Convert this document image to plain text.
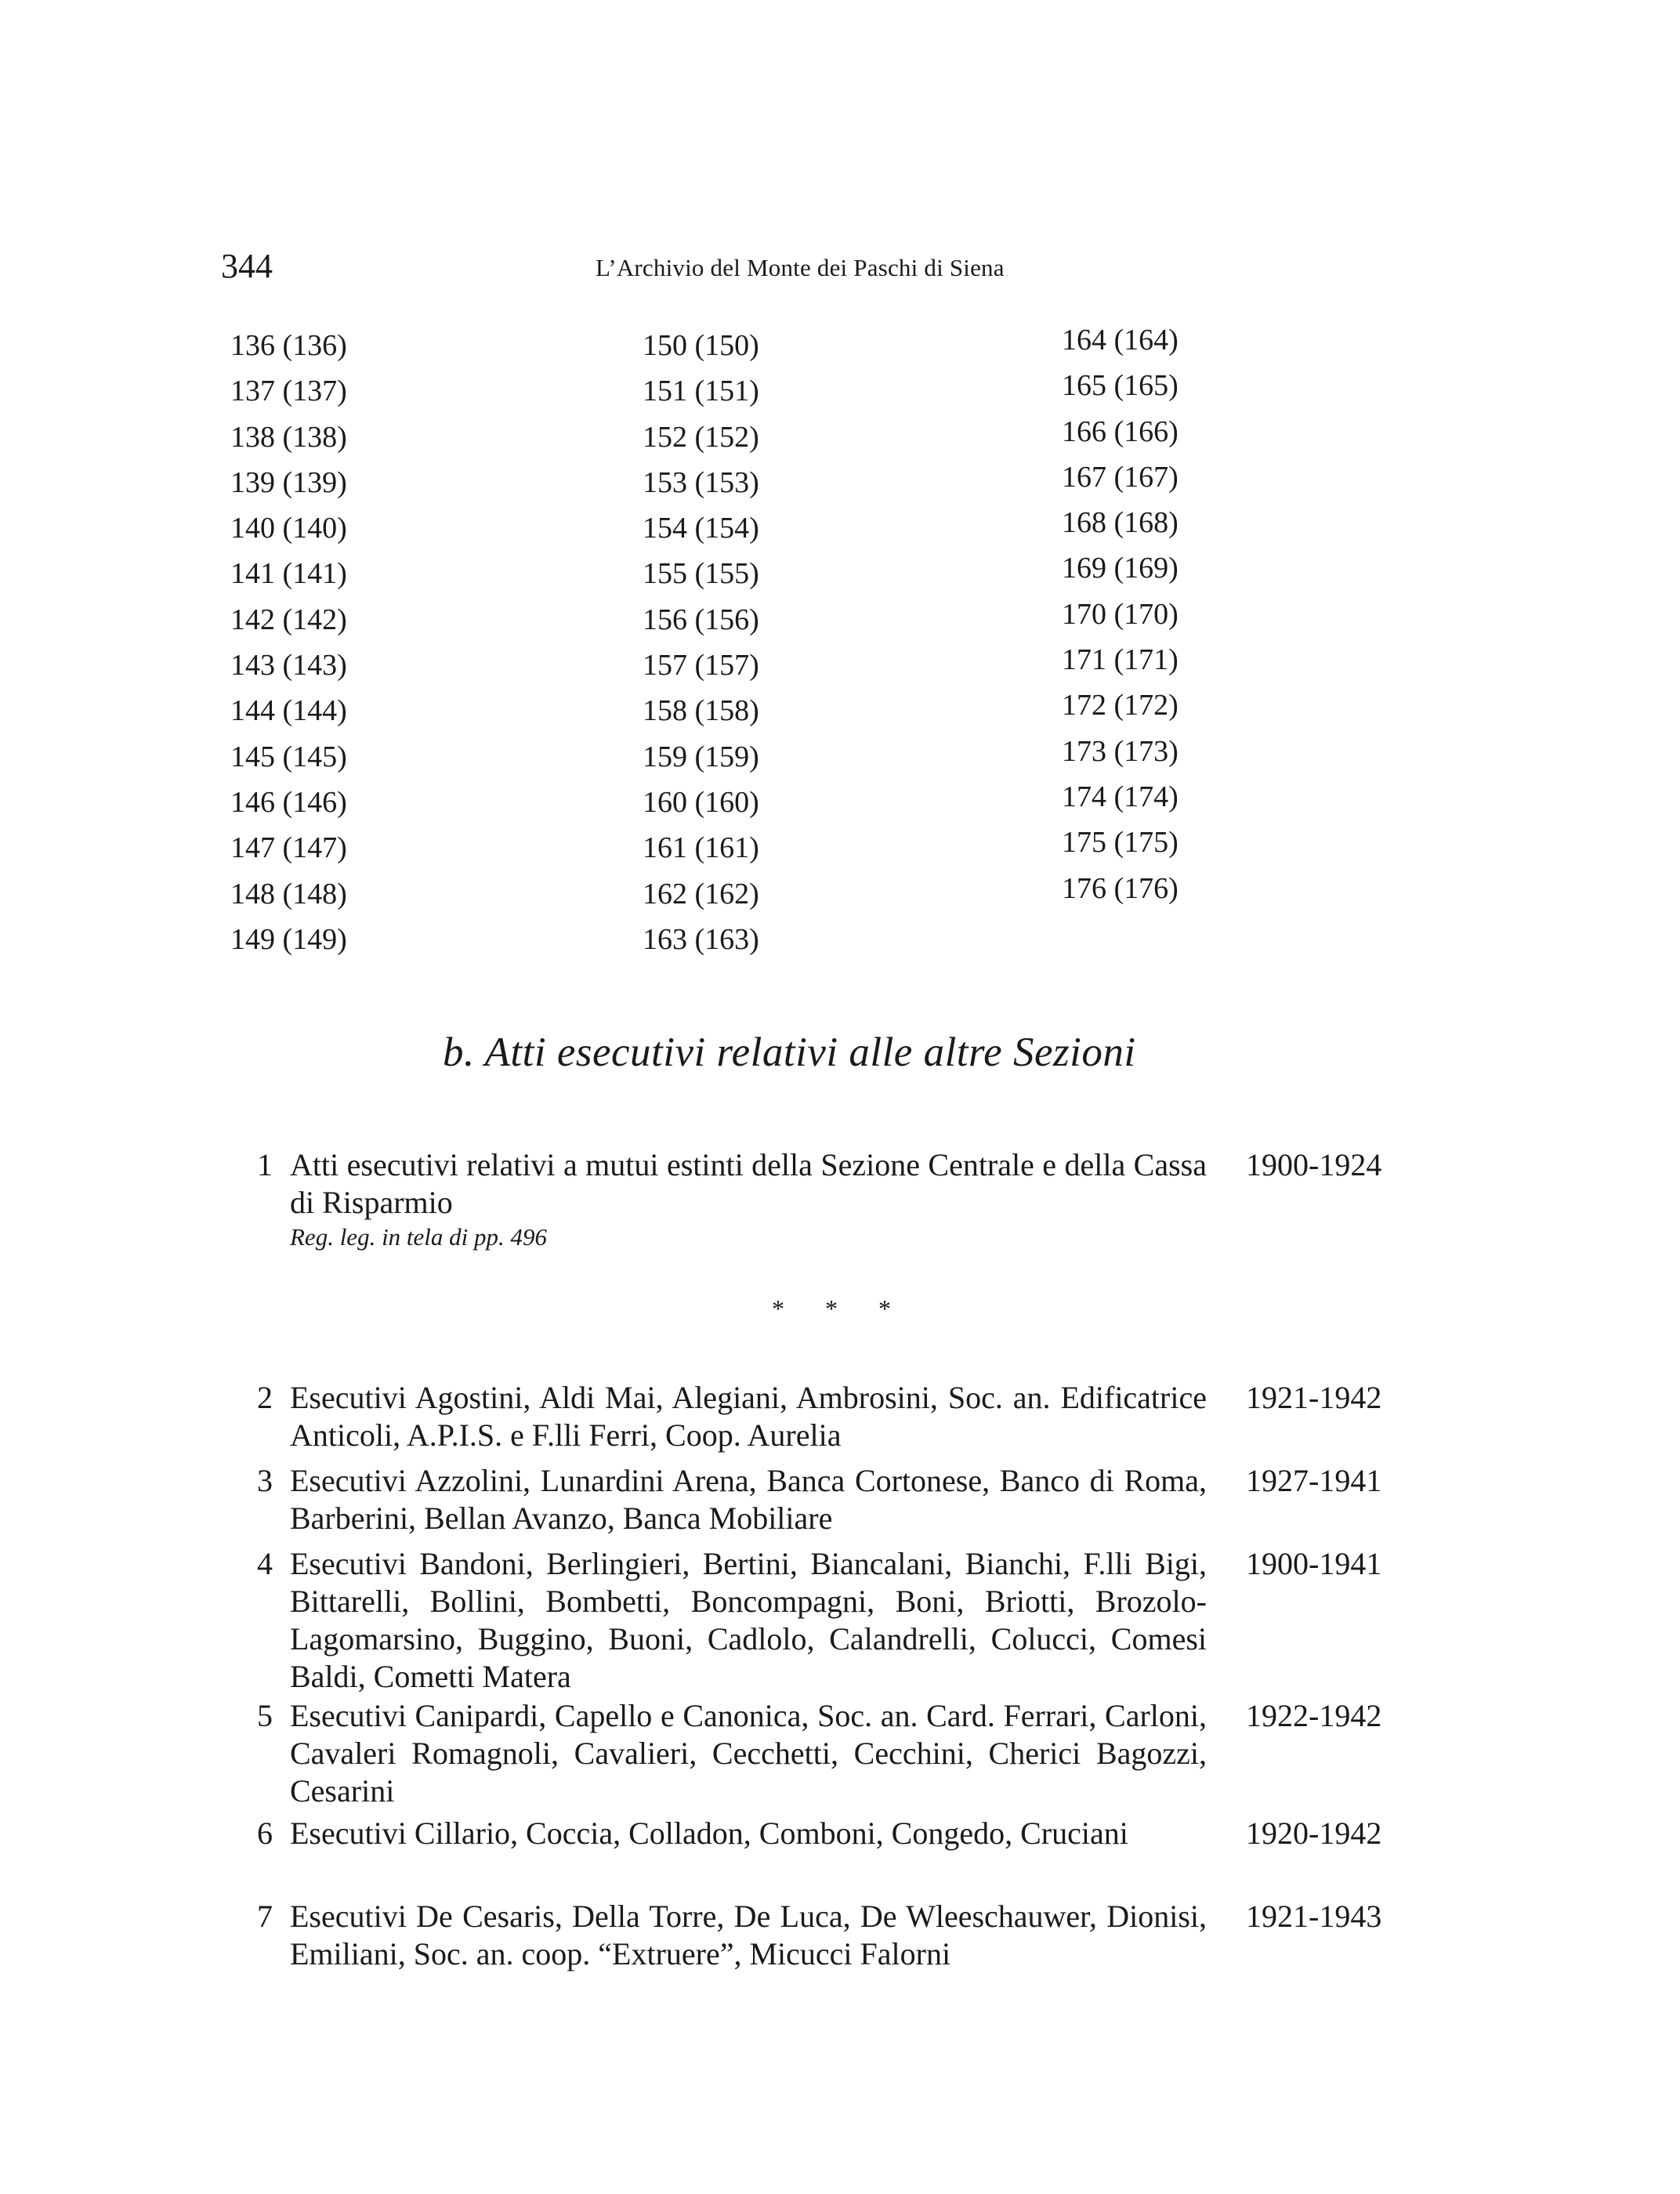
344	L’Archivio del Monte dei Paschi di Siena
136 (136)
137 (137)
138 (138)
139 (139)
140 (140)
141 (141)
142 (142)
143 (143)
144 (144)
145 (145)
146 (146)
147 (147)
148 (148)
149 (149)
150 (150)
151 (151)
152 (152)
153 (153)
154 (154)
155 (155)
156 (156)
157 (157)
158 (158)
159 (159)
160 (160)
161 (161)
162 (162)
163 (163)
164 (164)
165 (165)
166 (166)
167 (167)
168 (168)
169 (169)
170 (170)
171 (171)
172 (172)
173 (173)
174 (174)
175 (175)
176 (176)
b. Atti esecutivi relativi alle altre Sezioni
1 Atti esecutivi relativi a mutui estinti della Sezione Centrale e della Cassa di Risparmio
Reg. leg. in tela di pp. 496
1900-1924
* * *
2 Esecutivi Agostini, Aldi Mai, Alegiani, Ambrosini, Soc. an. Edificatrice Anticoli, A.P.I.S. e F.lli Ferri, Coop. Aurelia
1921-1942
3 Esecutivi Azzolini, Lunardini Arena, Banca Cortonese, Banco di Roma, Barberini, Bellan Avanzo, Banca Mobiliare
1927-1941
4 Esecutivi Bandoni, Berlingieri, Bertini, Biancalani, Bianchi, F.lli Bigi, Bittarelli, Bollini, Bombetti, Boncompagni, Boni, Briotti, Brozolo-Lagomarsino, Buggino, Buoni, Cadlolo, Calandrelli, Colucci, Comesi Baldi, Cometti Matera
1900-1941
5 Esecutivi Canipardi, Capello e Canonica, Soc. an. Card. Ferrari, Carloni, Cavaleri Romagnoli, Cavalieri, Cecchetti, Cecchini, Cherici Bagozzi, Cesarini
1922-1942
6 Esecutivi Cillario, Coccia, Colladon, Comboni, Congedo, Cruciani	1920-1942
7 Esecutivi De Cesaris, Della Torre, De Luca, De Wleeschauwer, Dionisi, Emiliani, Soc. an. coop. “Extruere”, Micucci Falorni
1921-1943
